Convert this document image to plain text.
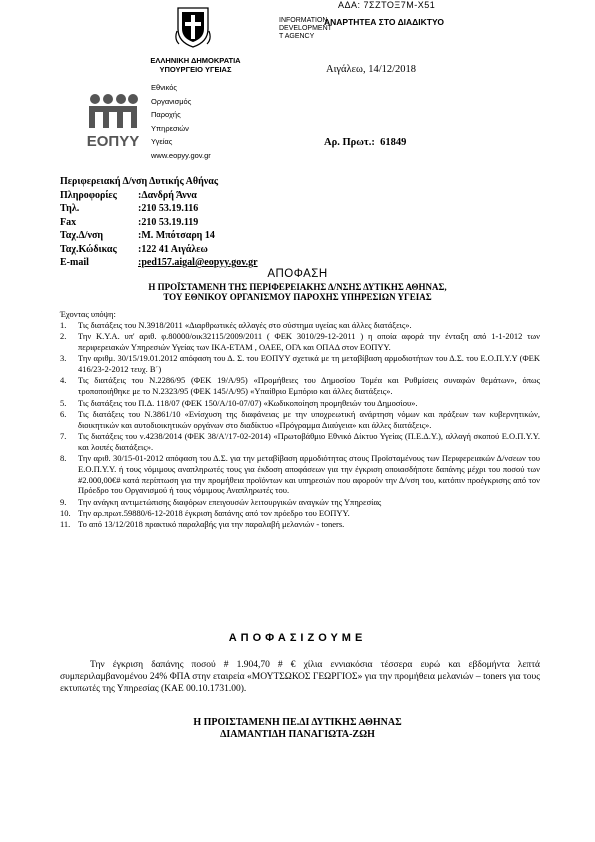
ΑΔΑ: 7ΣΖΤΟΞ7Μ-Χ51
ΑΝΑΡΤΗΤΕΑ ΣΤΟ ΔΙΑΔΙΚΤΥΟ
INFORMATION
DEVELOPMENT
T AGENCY
ΕΛΛΗΝΙΚΗ ΔΗΜΟΚΡΑΤΙΑ
ΥΠΟΥΡΓΕΙΟ ΥΓΕΙΑΣ
ΕΟΠΥΥ
Εθνικός
Οργανισμός
Παροχής
Υπηρεσιών
Υγείας
www.eopyy.gov.gr
Αιγάλεω, 14/12/2018
Αρ. Πρωτ.: 61849
Περιφερειακή Δ/νση Δυτικής Αθήνας
Πληροφορίες	:Δανδρή Άννα
Τηλ.	:210 53.19.116
Fax	:210 53.19.119
Ταχ.Δ/νση	:Μ. Μπότσαρη 14
Ταχ.Κώδικας	:122 41 Αιγάλεω
E-mail	:ped157.aigal@eopyy.gov.gr
ΑΠΟΦΑΣΗ
Η ΠΡΟΪΣΤΑΜΕΝΗ ΤΗΣ ΠΕΡΙΦΕΡΕΙΑΚΗΣ Δ/ΝΣΗΣ ΔΥΤΙΚΗΣ ΑΘΗΝΑΣ,
ΤΟΥ ΕΘΝΙΚΟΥ ΟΡΓΑΝΙΣΜΟΥ ΠΑΡΟΧΗΣ ΥΠΗΡΕΣΙΩΝ ΥΓΕΙΑΣ
Έχοντας υπόψη:
1.	Τις διατάξεις του Ν.3918/2011 «Διαρθρωτικές αλλαγές στο σύστημα υγείας και άλλες διατάξεις».
2.	Την Κ.Υ.Α. υπ' αριθ. φ.80000/οικ32115/2009/2011 ( ΦΕΚ 3010/29-12-2011 ) η οποία αφορά την ένταξη από 1-1-2012 των περιφερειακών Υπηρεσιών Υγείας των ΙΚΑ-ΕΤΑΜ , ΟΑΕΕ, ΟΓΑ και ΟΠΑΔ στον ΕΟΠΥΥ.
3.	Την αριθμ. 30/15/19.01.2012 απόφαση του Δ. Σ. του ΕΟΠΥΥ σχετικά με τη μεταβίβαση αρμοδιοτήτων του Δ.Σ. του Ε.Ο.Π.Υ.Υ (ΦΕΚ 416/23-2-2012 τευχ. Β΄)
4.	Τις διατάξεις του Ν.2286/95 (ΦΕΚ 19/Α/95) «Προμήθειες του Δημοσίου Τομέα και Ρυθμίσεις συναφών θεμάτων», όπως τροποποιήθηκε με το Ν.2323/95 (ΦΕΚ 145/Α/95) «Υπαίθριο Εμπόριο και άλλες διατάξεις».
5.	Τις διατάξεις του Π.Δ. 118/07 (ΦΕΚ 150/Α/10-07/07) «Κωδικοποίηση προμηθειών του Δημοσίου».
6.	Τις διατάξεις του Ν.3861/10 «Ενίσχυση της διαφάνειας με την υποχρεωτική ανάρτηση νόμων και πράξεων των κυβερνητικών, διοικητικών και αυτοδιοικητικών οργάνων στο διαδίκτυο «Πρόγραμμα Διαύγεια» και άλλες διατάξεις».
7.	Τις διατάξεις του ν.4238/2014 (ΦΕΚ 38/Α'/17-02-2014) «Πρωτοβάθμιο Εθνικό Δίκτυο Υγείας (Π.Ε.Δ.Υ.), αλλαγή σκοπού Ε.Ο.Π.Υ.Υ. και λοιπές διατάξεις».
8.	Την αριθ. 30/15-01-2012 απόφαση του Δ.Σ. για την μεταβίβαση αρμοδιότητας στους Προϊσταμένους των Περιφερειακών Δ/νσεων του Ε.Ο.Π.Υ.Υ. ή τους νόμιμους αναπληρωτές τους για έκδοση αποφάσεων για την έγκριση οποιασδήποτε δαπάνης μέχρι του ποσού των #2.000,00€# κατά περίπτωση για την προμήθεια προϊόντων και υπηρεσιών που αφορούν την Δ/νση του, κατόπιν προέγκρισης από τον Πρόεδρο του Οργανισμού ή τους νόμιμους Αναπληρωτές του.
9.	Την ανάγκη αντιμετώπισης διαφόρων επειγουσών λειτουργικών αναγκών της Υπηρεσίας
10. Την αρ.πρωτ.59880/6-12-2018 έγκριση δαπάνης από τον πρόεδρο του ΕΟΠΥΥ.
11. Το από 13/12/2018 πρακτικό παραλαβής για την παραλαβή μελανιών - toners.
ΑΠΟΦΑΣΙΖΟΥΜΕ
Την έγκριση δαπάνης ποσού # 1.904,70 # € χίλια εννιακόσια τέσσερα ευρώ και εβδομήντα λεπτά συμπεριλαμβανομένου 24% ΦΠΑ στην εταιρεία «ΜΟΥΤΣΩΚΟΣ ΓΕΩΡΓΙΟΣ» για την προμήθεια μελανιών – toners για τους εκτυπωτές της Υπηρεσίας (ΚΑΕ 00.10.1731.00).
Η ΠΡΟΙΣΤΑΜΕΝΗ ΠΕ.ΔΙ ΔΥΤΙΚΗΣ ΑΘΗΝΑΣ
ΔΙΑΜΑΝΤΙΔΗ ΠΑΝΑΓΙΩΤΑ-ΖΩΗ
